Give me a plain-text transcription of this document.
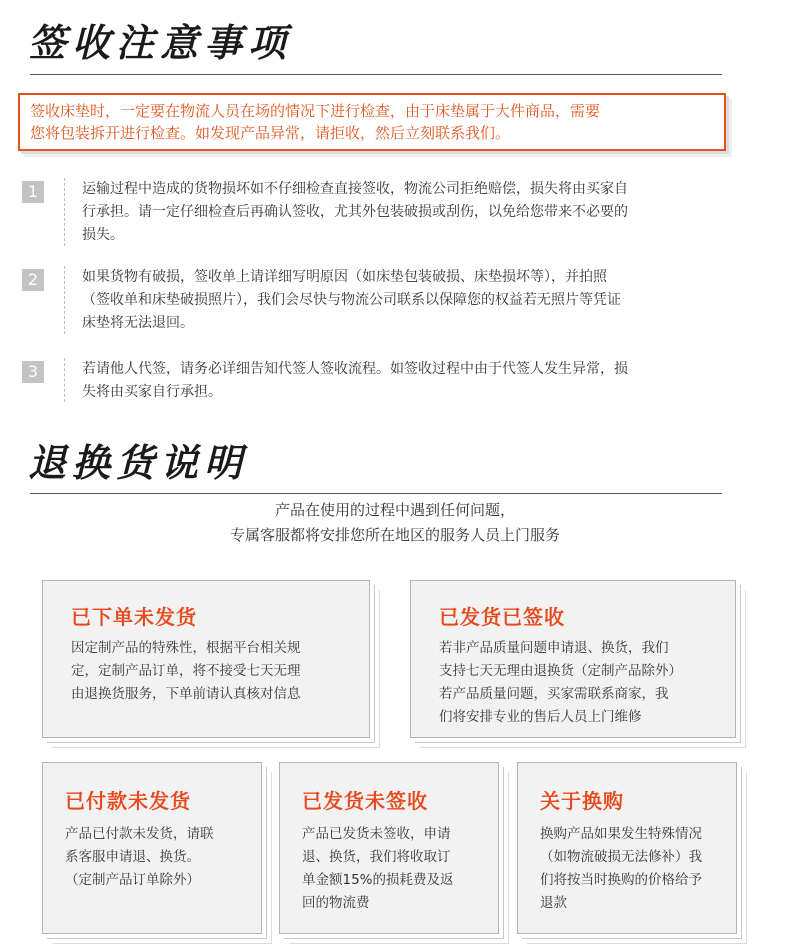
签收注意事项
签收床垫时，一定要在物流人员在场的情况下进行检查，由于床垫属于大件商品，需要
您将包装拆开进行检查。如发现产品异常，请拒收，然后立刻联系我们。
1	运输过程中造成的货物损坏如不仔细检查直接签收，物流公司拒绝赔偿，损失将由买家自
行承担。请一定仔细检查后再确认签收，尤其外包装破损或刮伤，以免给您带来不必要的
损失。
2	如果货物有破损，签收单上请详细写明原因（如床垫包装破损、床垫损坏等），并拍照
（签收单和床垫破损照片），我们会尽快与物流公司联系以保障您的权益若无照片等凭证
床垫将无法退回。
3	若请他人代签，请务必详细告知代签人签收流程。如签收过程中由于代签人发生异常，损
失将由买家自行承担。
退换货说明
产品在使用的过程中遇到任何问题，
专属客服都将安排您所在地区的服务人员上门服务
已下单未发货
因定制产品的特殊性，根据平台相关规
定，定制产品订单，将不接受七天无理
由退换货服务，下单前请认真核对信息
已发货已签收
若非产品质量问题申请退、换货，我们
支持七天无理由退换货（定制产品除外）
若产品质量问题，买家需联系商家，我
们将安排专业的售后人员上门维修
已付款未发货
产品已付款未发货，请联
系客服申请退、换货。
（定制产品订单除外）
已发货未签收
产品已发货未签收，申请
退、换货，我们将收取订
单金额15%的损耗费及返
回的物流费
关于换购
换购产品如果发生特殊情况
（如物流破损无法修补）我
们将按当时换购的价格给予
退款
